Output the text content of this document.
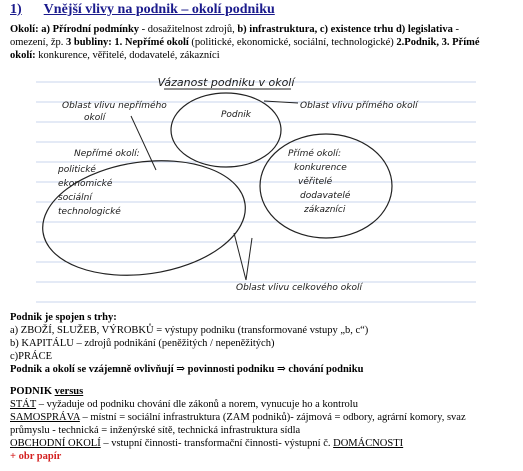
1) Vnější vlivy na podnik – okolí podniku
Okolí: a) Přírodní podmínky - dosažitelnost zdrojů, b) infrastruktura, c) existence trhu d) legislativa -
omezení, žp. 3 bubliny: 1. Nepřímé okolí (politické, ekonomické, sociální, technologické) 2.Podnik, 3. Přímé
okolí: konkurence, věřitelé, dodavatelé, zákazníci
Vázanost podniku v okolí
Podnik
Oblast vlivu nepřímého
okolí
Oblast vlivu přímého okolí
Nepřímé okolí:
politické
ekonomické
sociální
technologické
Přímé okolí:
konkurence
věřitelé
dodavatelé
zákazníci
Oblast vlivu celkového okolí
Podnik je spojen s trhy:
a) ZBOŽÍ, SLUŽEB, VÝROBKŮ = výstupy podniku (transformované vstupy „b, c“)
b) KAPITÁLU – zdrojů podnikání (peněžitých / nepeněžitých)
c)PRÁCE
Podnik a okolí se vzájemně ovlivňují ⇒ povinnosti podniku ⇒ chování podniku
PODNIK versus
STÁT – vyžaduje od podniku chování dle zákonů a norem, vynucuje ho a kontrolu
SAMOSPRÁVA – místní = sociální infrastruktura (ZAM podniků)- zájmová = odbory, agrární komory, svaz
průmyslu - technická = inženýrské sítě, technická infrastruktura sídla
OBCHODNÍ OKOLÍ – vstupní činnosti- transformační činnosti- výstupní č. DOMÁCNOSTI
+ obr papír
